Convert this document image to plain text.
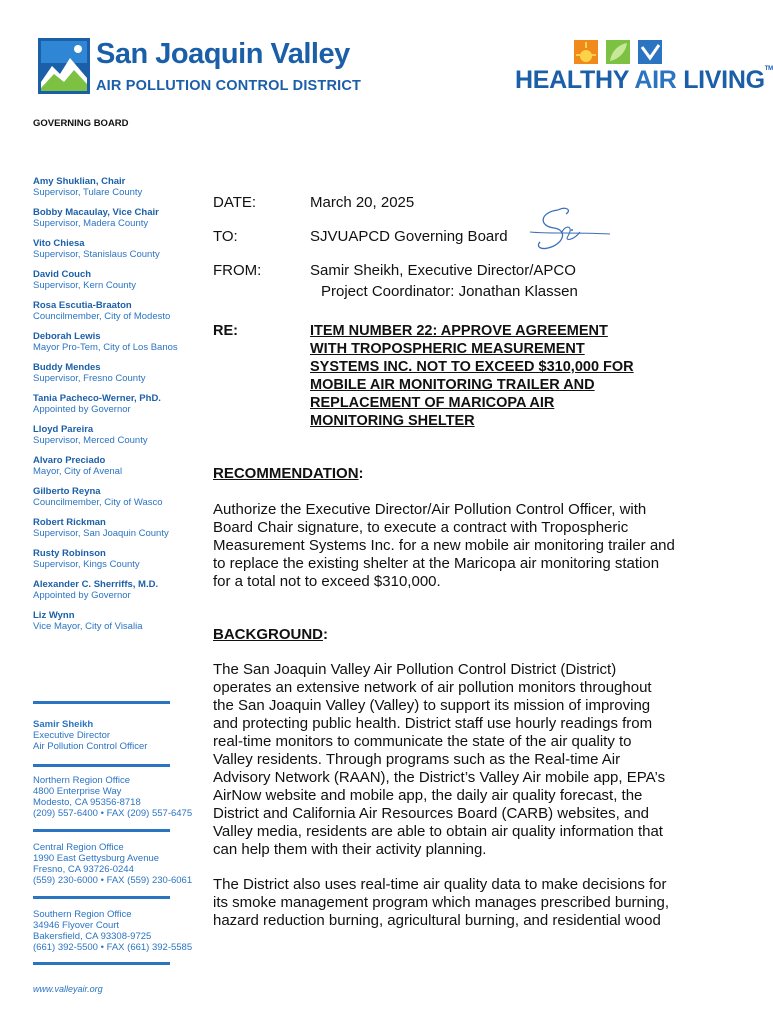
San Joaquin Valley
AIR POLLUTION CONTROL DISTRICT	HEALTHY AIR LIVING™
GOVERNING BOARD
Amy Shuklian, Chair
Supervisor, Tulare County
Bobby Macaulay, Vice Chair
Supervisor, Madera County
Vito Chiesa
Supervisor, Stanislaus County
David Couch
Supervisor, Kern County
Rosa Escutia-Braaton
Councilmember, City of Modesto
Deborah Lewis
Mayor Pro-Tem, City of Los Banos
Buddy Mendes
Supervisor, Fresno County
Tania Pacheco-Werner, PhD.
Appointed by Governor
Lloyd Pareira
Supervisor, Merced County
Alvaro Preciado
Mayor, City of Avenal
Gilberto Reyna
Councilmember, City of Wasco
Robert Rickman
Supervisor, San Joaquin County
Rusty Robinson
Supervisor, Kings County
Alexander C. Sherriffs, M.D.
Appointed by Governor
Liz Wynn
Vice Mayor, City of Visalia
Samir Sheikh
Executive Director
Air Pollution Control Officer
Northern Region Office
4800 Enterprise Way
Modesto, CA 95356-8718
(209) 557-6400 • FAX (209) 557-6475
Central Region Office
1990 East Gettysburg Avenue
Fresno, CA 93726-0244
(559) 230-6000 • FAX (559) 230-6061
Southern Region Office
34946 Flyover Court
Bakersfield, CA 93308-9725
(661) 392-5500 • FAX (661) 392-5585
www.valleyair.org
DATE:	March 20, 2025
TO:	SJVUAPCD Governing Board
FROM:	Samir Sheikh, Executive Director/APCO
Project Coordinator: Jonathan Klassen
RE:	ITEM NUMBER 22: APPROVE AGREEMENT
WITH TROPOSPHERIC MEASUREMENT
SYSTEMS INC. NOT TO EXCEED $310,000 FOR
MOBILE AIR MONITORING TRAILER AND
REPLACEMENT OF MARICOPA AIR
MONITORING SHELTER
RECOMMENDATION:
Authorize the Executive Director/Air Pollution Control Officer, with
Board Chair signature, to execute a contract with Tropospheric
Measurement Systems Inc. for a new mobile air monitoring trailer and
to replace the existing shelter at the Maricopa air monitoring station
for a total not to exceed $310,000.
BACKGROUND:
The San Joaquin Valley Air Pollution Control District (District)
operates an extensive network of air pollution monitors throughout
the San Joaquin Valley (Valley) to support its mission of improving
and protecting public health. District staff use hourly readings from
real-time monitors to communicate the state of the air quality to
Valley residents. Through programs such as the Real-time Air
Advisory Network (RAAN), the District’s Valley Air mobile app, EPA’s
AirNow website and mobile app, the daily air quality forecast, the
District and California Air Resources Board (CARB) websites, and
Valley media, residents are able to obtain air quality information that
can help them with their activity planning.
The District also uses real-time air quality data to make decisions for
its smoke management program which manages prescribed burning,
hazard reduction burning, agricultural burning, and residential wood
